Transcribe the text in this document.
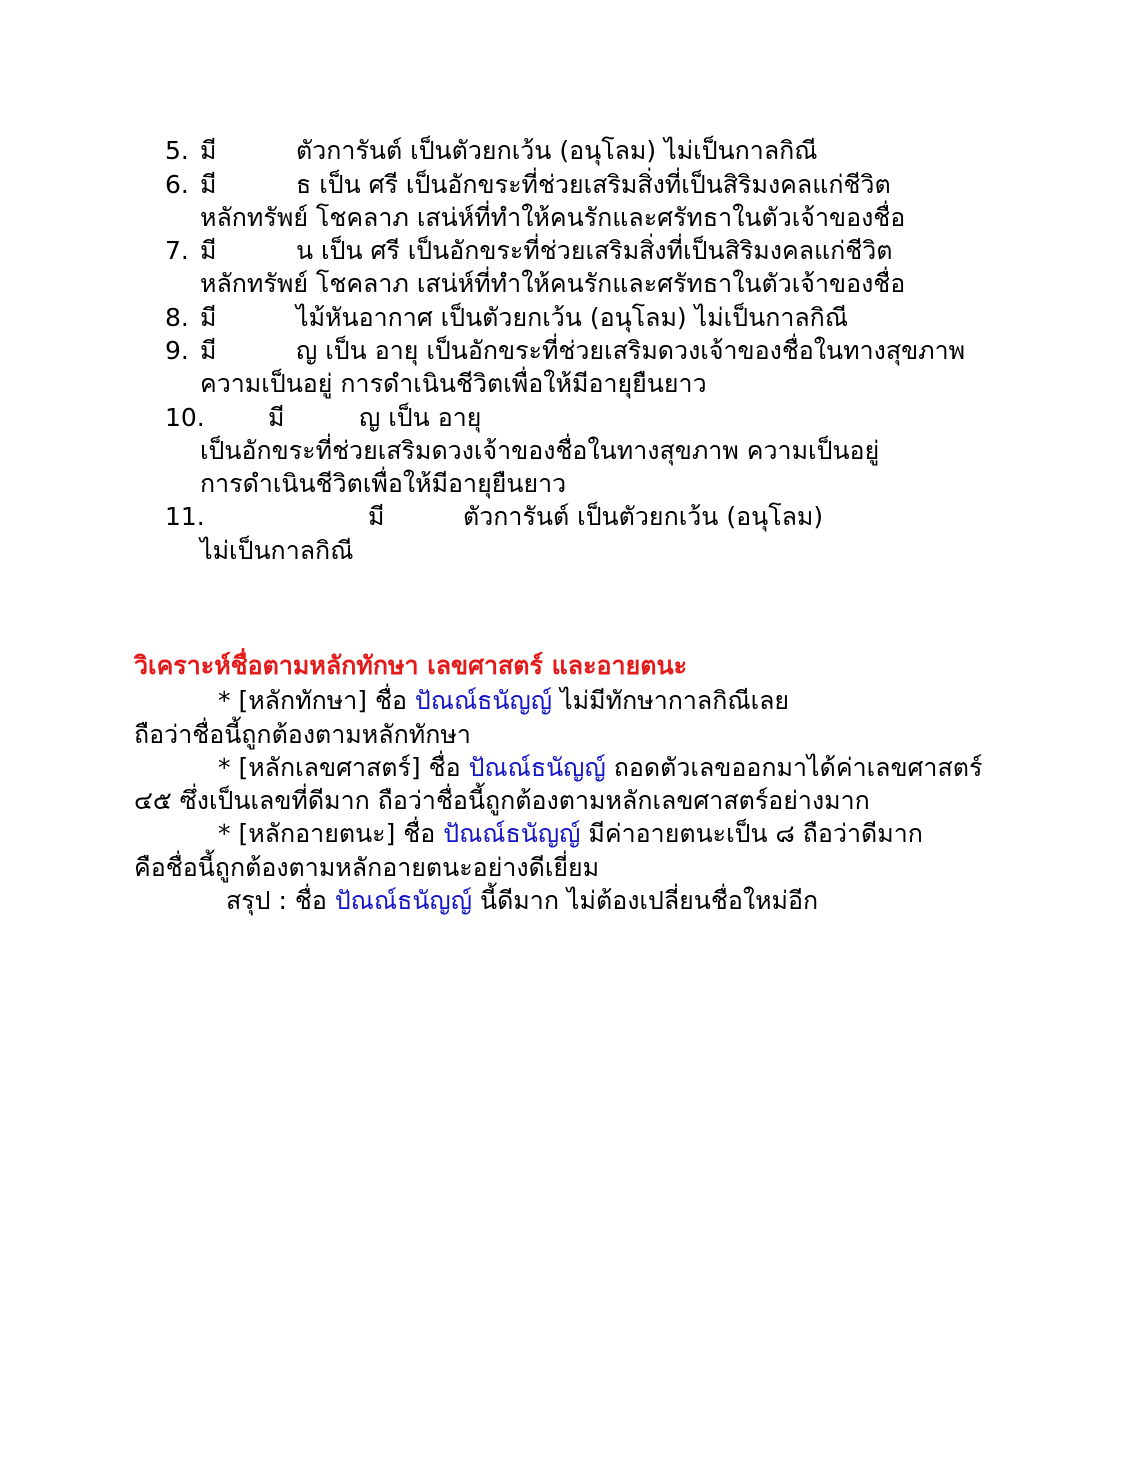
5. มี	ตัวการันต์ เป็นตัวยกเว้น (อนุโลม) ไม่เป็นกาลกิณี
6. มี	ธ เป็น ศรี เป็นอักขระที่ช่วยเสริมสิ่งที่เป็นสิริมงคลแก่ชีวิต
หลักทรัพย์ โชคลาภ เสน่ห์ที่ทำให้คนรักและศรัทธาในตัวเจ้าของชื่อ
7. มี	น เป็น ศรี เป็นอักขระที่ช่วยเสริมสิ่งที่เป็นสิริมงคลแก่ชีวิต
หลักทรัพย์ โชคลาภ เสน่ห์ที่ทำให้คนรักและศรัทธาในตัวเจ้าของชื่อ
8. มี	ไม้หันอากาศ เป็นตัวยกเว้น (อนุโลม) ไม่เป็นกาลกิณี
9. มี	ญ เป็น อายุ เป็นอักขระที่ช่วยเสริมดวงเจ้าของชื่อในทางสุขภาพ
ความเป็นอยู่ การดำเนินชีวิตเพื่อให้มีอายุยืนยาว
10.	มี	ญ เป็น อายุ
เป็นอักขระที่ช่วยเสริมดวงเจ้าของชื่อในทางสุขภาพ ความเป็นอยู่
การดำเนินชีวิตเพื่อให้มีอายุยืนยาว
11.	มี	ตัวการันต์ เป็นตัวยกเว้น (อนุโลม)
ไม่เป็นกาลกิณี
วิเคราะห์ชื่อตามหลักทักษา เลขศาสตร์ และอายตนะ
* [หลักทักษา] ชื่อ ปัณณ์ธนัญญ์ ไม่มีทักษากาลกิณีเลย
ถือว่าชื่อนี้ถูกต้องตามหลักทักษา
* [หลักเลขศาสตร์] ชื่อ ปัณณ์ธนัญญ์ ถอดตัวเลขออกมาได้ค่าเลขศาสตร์
๔๕ ซึ่งเป็นเลขที่ดีมาก ถือว่าชื่อนี้ถูกต้องตามหลักเลขศาสตร์อย่างมาก
* [หลักอายตนะ] ชื่อ ปัณณ์ธนัญญ์ มีค่าอายตนะเป็น ๘ ถือว่าดีมาก
คือชื่อนี้ถูกต้องตามหลักอายตนะอย่างดีเยี่ยม
สรุป : ชื่อ ปัณณ์ธนัญญ์ นี้ดีมาก ไม่ต้องเปลี่ยนชื่อใหม่อีก
